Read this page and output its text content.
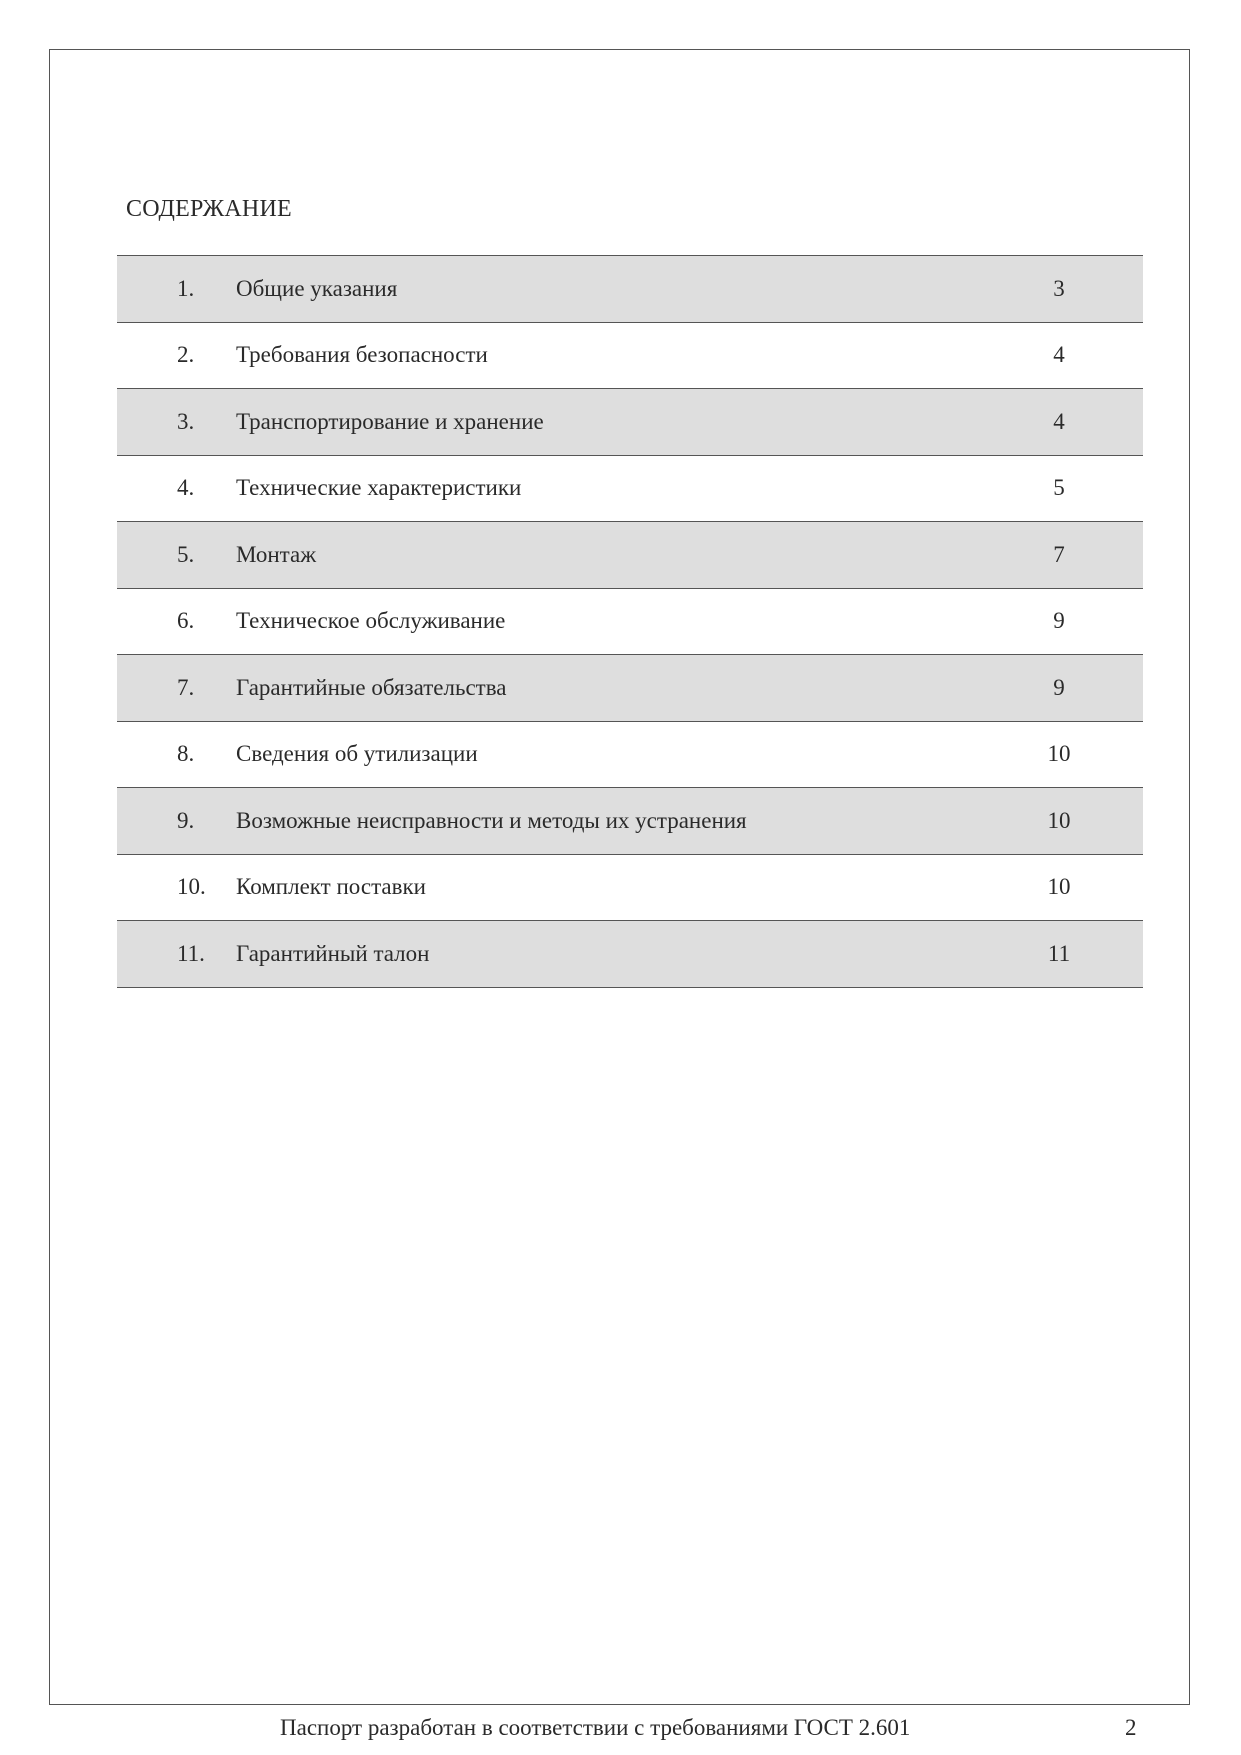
СОДЕРЖАНИЕ
1. Общие указания	3
2. Требования безопасности	4
3. Транспортирование и хранение	4
4. Технические характеристики	5
5. Монтаж	7
6. Техническое обслуживание	9
7. Гарантийные обязательства	9
8. Сведения об утилизации	10
9. Возможные неисправности и методы их устранения	10
10. Комплект поставки	10
11. Гарантийный талон	11
Паспорт разработан в соответствии с требованиями ГОСТ 2.601	2
